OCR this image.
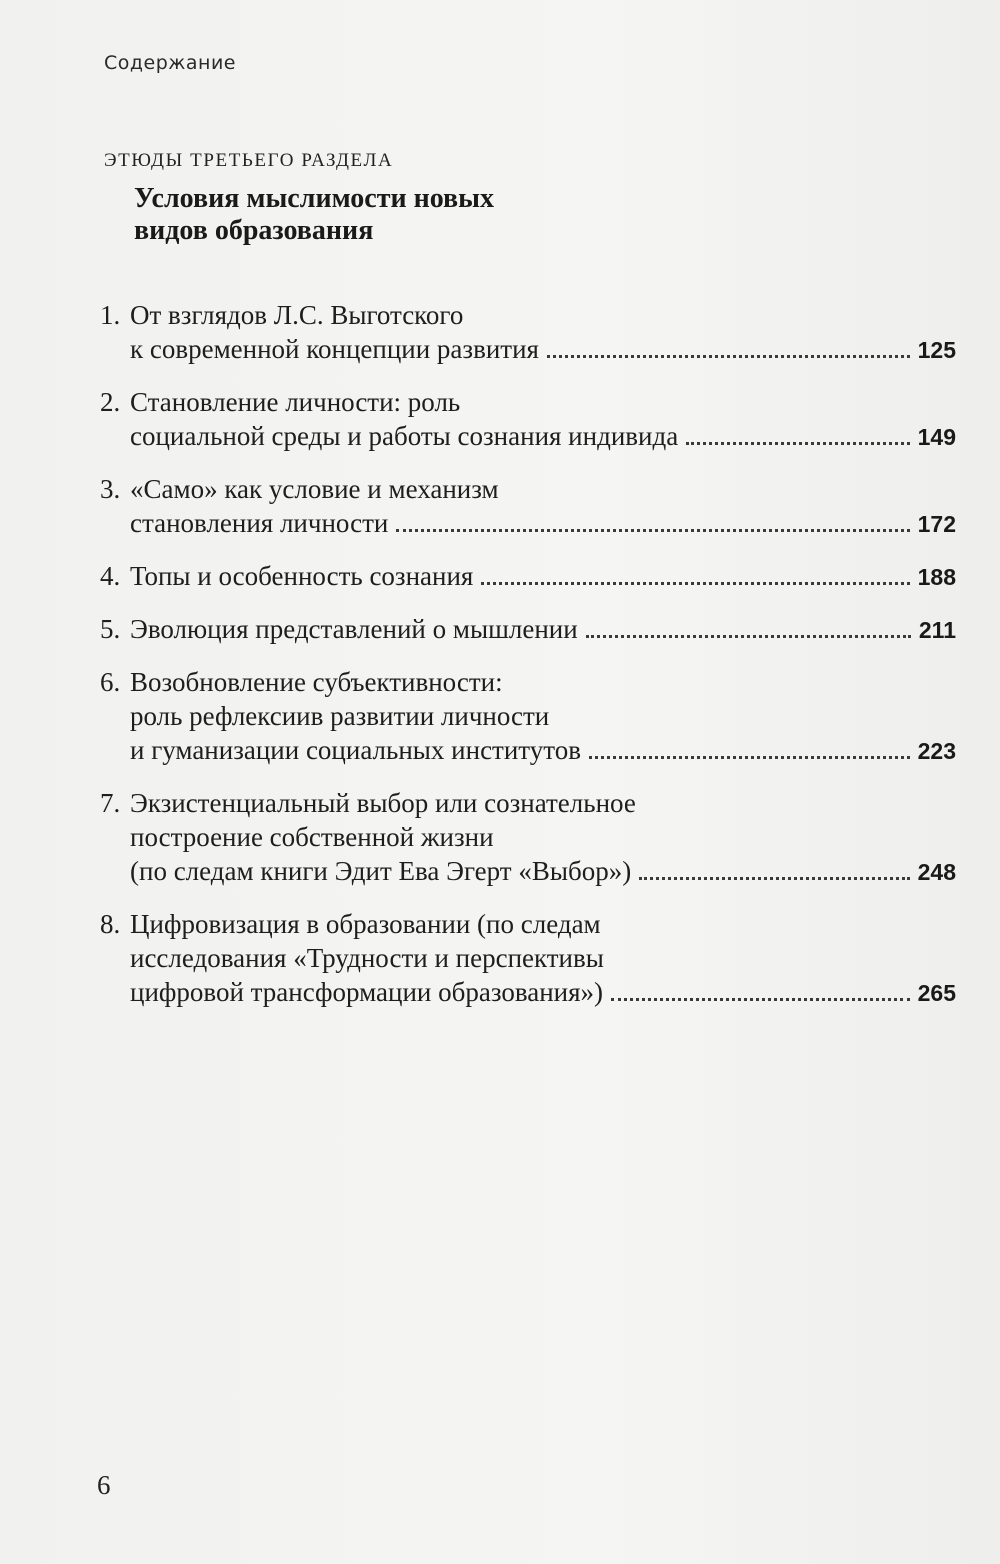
Содержание
ЭТЮДЫ ТРЕТЬЕГО РАЗДЕЛА
Условия мыслимости новых
видов образования
1. От взглядов Л.С. Выготского
к современной концепции развития	125
2. Становление личности: роль
социальной среды и работы сознания индивида	149
3. «Само» как условие и механизм
становления личности	172
4. Топы и особенность сознания	188
5. Эволюция представлений о мышлении	211
6. Возобновление субъективности:
роль рефлексиив развитии личности
и гуманизации социальных институтов	223
7. Экзистенциальный выбор или сознательное
построение собственной жизни
(по следам книги Эдит Ева Эгерт «Выбор»)	248
8. Цифровизация в образовании (по следам
исследования «Трудности и перспективы
цифровой трансформации образования»)	265
6
